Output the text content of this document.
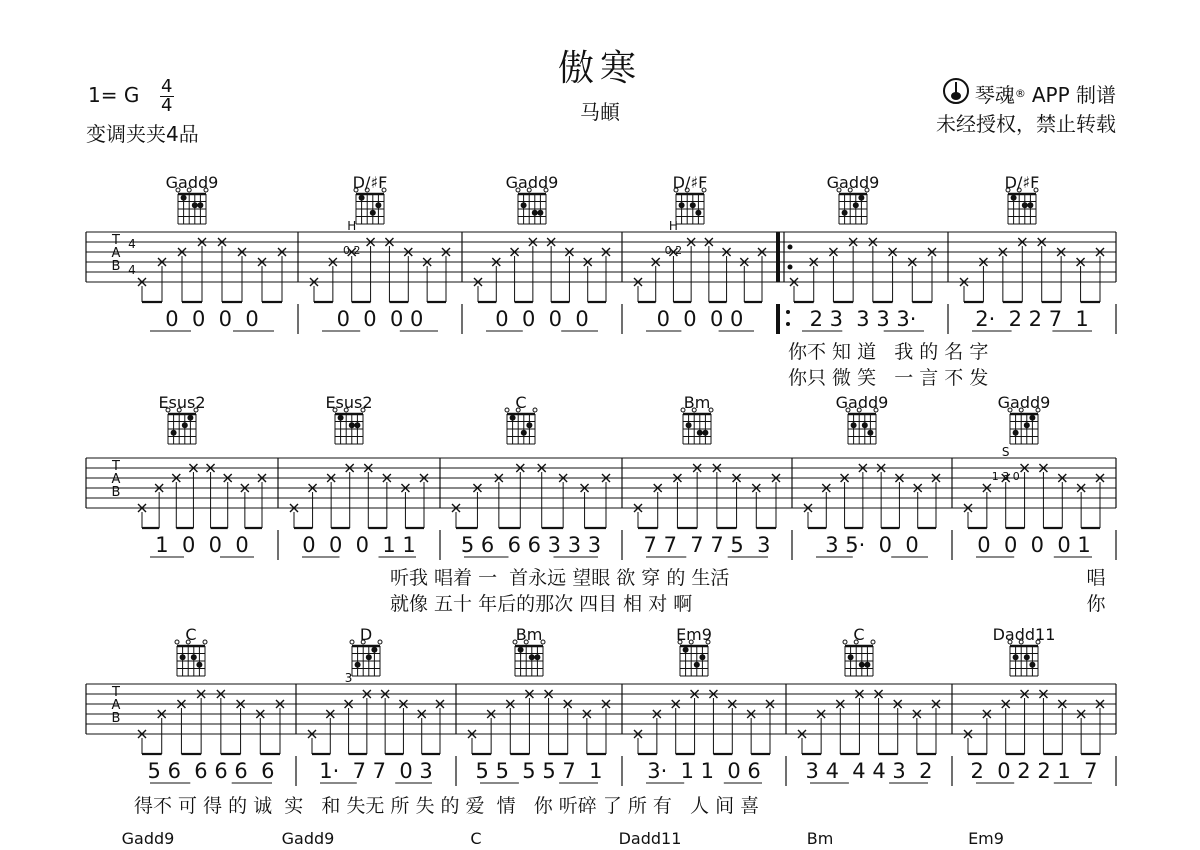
傲寒
马頔
1= G $\frac{4}{4}$
变调夹夹4品
琴魂 ® APP 制谱
未经授权，禁止转载
T
A
B
4
4
Gadd9
0  0  0  0
D/♯F
H
0 2
0  0  0 0
Gadd9
0  0  0  0
D/♯F
H
0 2
0  0  0 0
Gadd9
2 3  3 3 3·
D/♯F
2·  2 2 7  1
你不 知 道   我 的 名 字
你只 微 笑   一 言 不 发
T
A
B
Esus2
1  0  0  0
Esus2
0  0  0  1 1
C
5 6  6 6 3 3 3
Bm
7 7  7 7 5  3
Gadd9
3 5·  0  0
Gadd9
S
1 3 0
0  0  0  0 1
听我 唱着 一  首永远 望眼 欲 穿 的 生活
就像 五十 年后的那次 四目 相 对 啊
唱
你
T
A
B
C
5 6  6 6 6  6
D
3
1·  7 7  0 3
Bm
5 5  5 5 7  1
Em9
3·  1 1  0 6
C
3 4  4 4 3  2
Dadd11
2  0 2 2 1  7
得不 可 得 的 诚  实   和 失无 所 失 的 爱  情   你 听碎 了 所 有   人 间 喜
Gadd9	Gadd9	C	Dadd11	Bm	Em9
